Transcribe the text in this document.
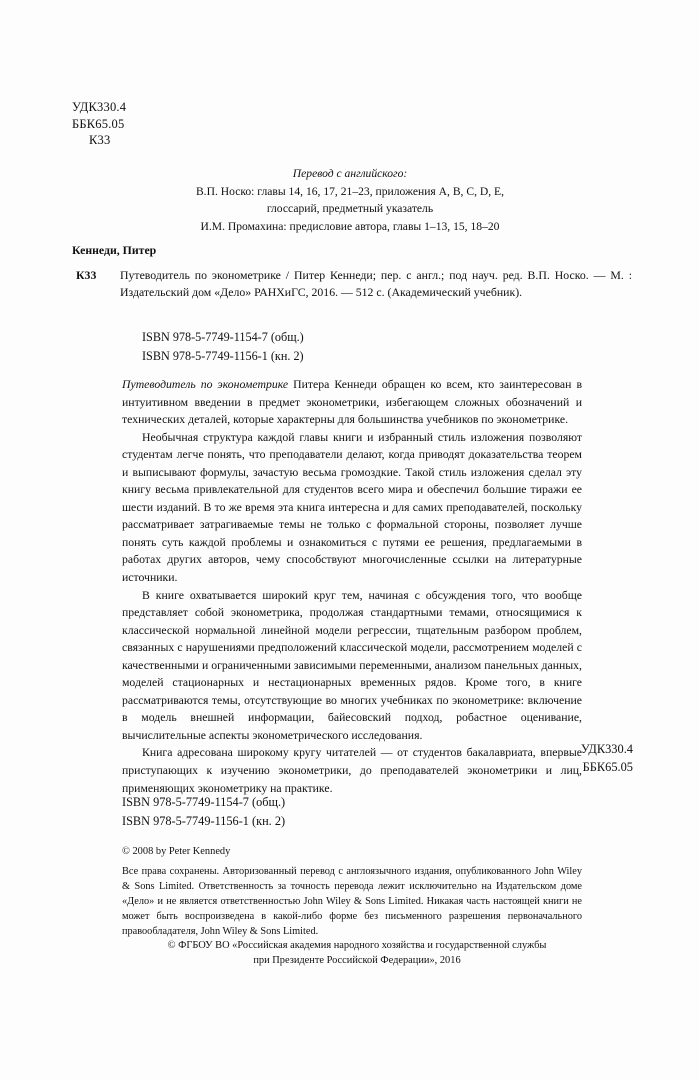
УДК330.4
ББК65.05
К33
Перевод с английского:
В.П. Носко: главы 14, 16, 17, 21–23, приложения A, B, C, D, E,
глоссарий, предметный указатель
И.М. Промахина: предисловие автора, главы 1–13, 15, 18–20
Кеннеди, Питер
К33 Путеводитель по эконометрике / Питер Кеннеди; пер. с англ.; под науч. ред. В.П. Носко. — М. : Издательский дом «Дело» РАНХиГС, 2016. — 512 с. (Академический учебник).
ISBN 978-5-7749-1154-7 (общ.)
ISBN 978-5-7749-1156-1 (кн. 2)

Путеводитель по эконометрике Питера Кеннеди обращен ко всем, кто заинтересован в интуитивном введении в предмет эконометрики, избегающем сложных обозначений и технических деталей, которые характерны для большинства учебников по эконометрике.

Необычная структура каждой главы книги и избранный стиль изложения позволяют студентам легче понять, что преподаватели делают, когда приводят доказательства теорем и выписывают формулы, зачастую весьма громоздкие. Такой стиль изложения сделал эту книгу весьма привлекательной для студентов всего мира и обеспечил большие тиражи ее шести изданий. В то же время эта книга интересна и для самих преподавателей, поскольку рассматривает затрагиваемые темы не только с формальной стороны, позволяет лучше понять суть каждой проблемы и ознакомиться с путями ее решения, предлагаемыми в работах других авторов, чему способствуют многочисленные ссылки на литературные источники.

В книге охватывается широкий круг тем, начиная с обсуждения того, что вообще представляет собой эконометрика, продолжая стандартными темами, относящимися к классической нормальной линейной модели регрессии, тщательным разбором проблем, связанных с нарушениями предположений классической модели, рассмотрением моделей с качественными и ограниченными зависимыми переменными, анализом панельных данных, моделей стационарных и нестационарных временных рядов. Кроме того, в книге рассматриваются темы, отсутствующие во многих учебниках по эконометрике: включение в модель внешней информации, байесовский подход, робастное оценивание, вычислительные аспекты эконометрического исследования.

Книга адресована широкому кругу читателей — от студентов бакалавриата, впервые приступающих к изучению эконометрики, до преподавателей эконометрики и лиц, применяющих эконометрику на практике.

УДК330.4
ББК65.05
ISBN 978-5-7749-1154-7 (общ.)
ISBN 978-5-7749-1156-1 (кн. 2)
© 2008 by Peter Kennedy

Все права сохранены. Авторизованный перевод с англоязычного издания, опубликованного John Wiley & Sons Limited. Ответственность за точность перевода лежит исключительно на Издательском доме «Дело» и не является ответственностью John Wiley & Sons Limited. Никакая часть настоящей книги не может быть воспроизведена в какой-либо форме без письменного разрешения первоначального правообладателя, John Wiley & Sons Limited.

© ФГБОУ ВО «Российская академия народного хозяйства и государственной службы
при Президенте Российской Федерации», 2016
